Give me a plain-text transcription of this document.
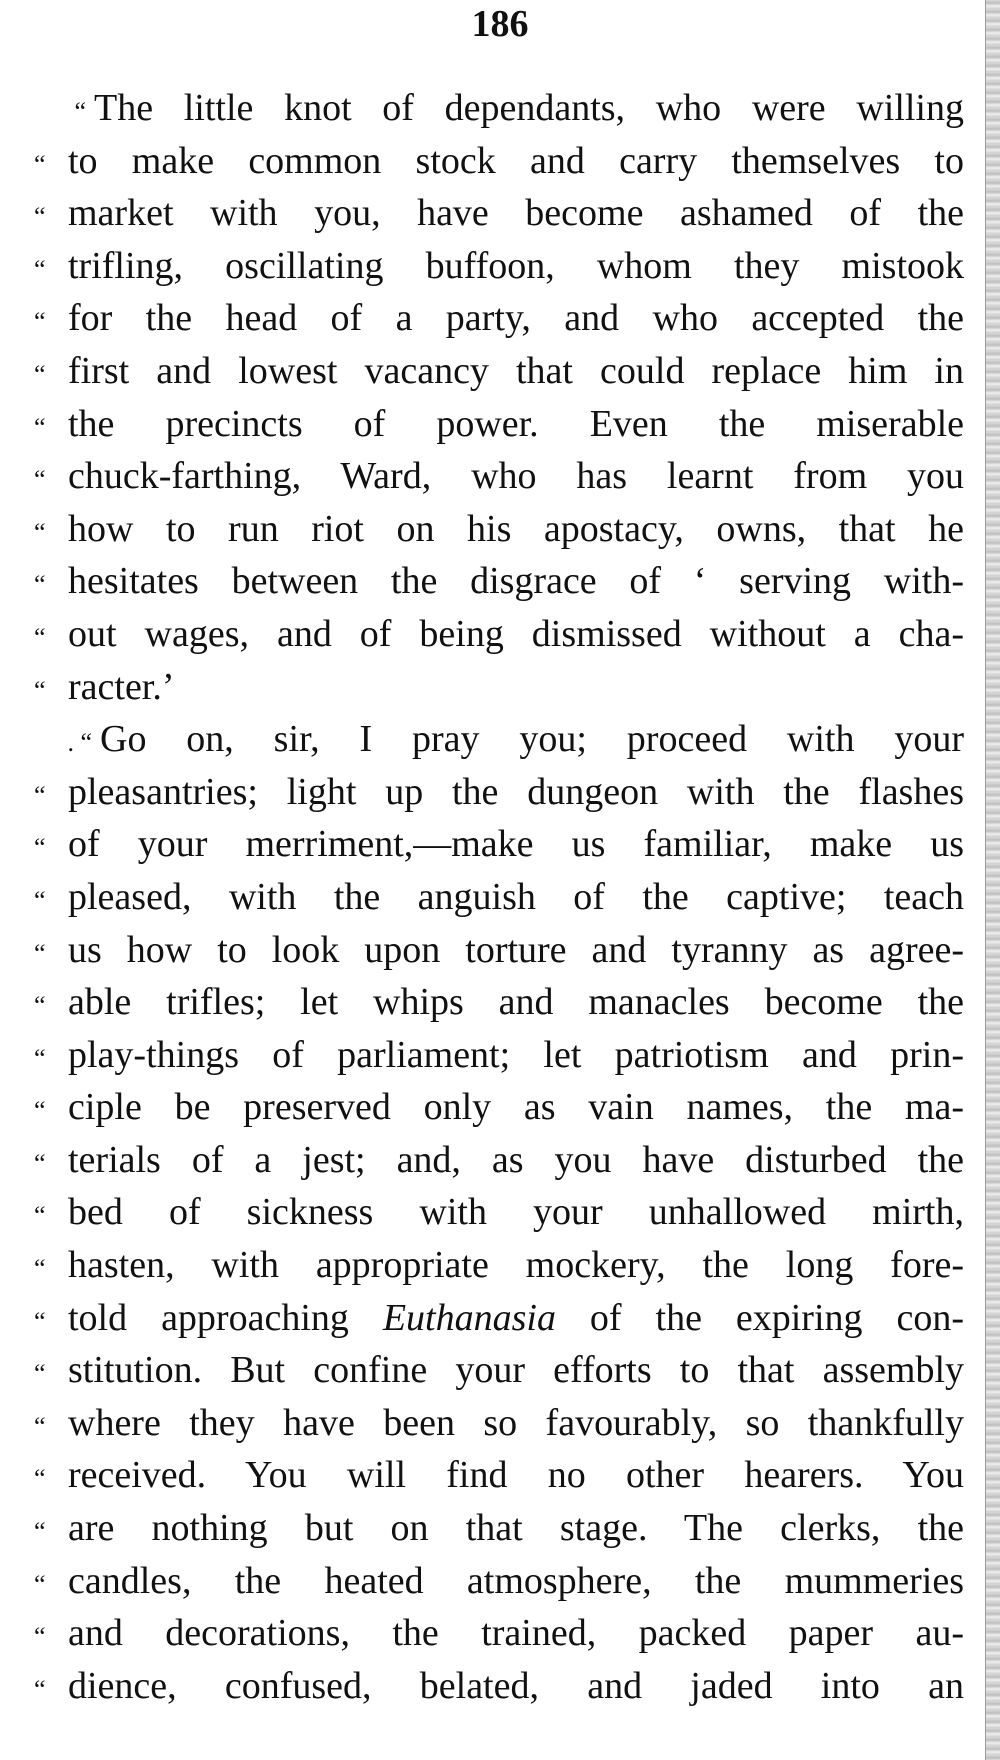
186
“ The little knot of dependants, who were willing
“ to make common stock and carry themselves to
“ market with you, have become ashamed of the
“ trifling, oscillating buffoon, whom they mistook
“ for the head of a party, and who accepted the
“ first and lowest vacancy that could replace him in
“ the precincts of power. Even the miserable
“ chuck-farthing, Ward, who has learnt from you
“ how to run riot on his apostacy, owns, that he
“ hesitates between the disgrace of ‘ serving with-
“ out wages, and of being dismissed without a cha-
“ racter.’
. “ Go on, sir, I pray you; proceed with your
“ pleasantries; light up the dungeon with the flashes
“ of your merriment,—make us familiar, make us
“ pleased, with the anguish of the captive; teach
“ us how to look upon torture and tyranny as agree-
“ able trifles; let whips and manacles become the
“ play-things of parliament; let patriotism and prin-
“ ciple be preserved only as vain names, the ma-
“ terials of a jest; and, as you have disturbed the
“ bed of sickness with your unhallowed mirth,
“ hasten, with appropriate mockery, the long fore-
“ told approaching Euthanasia of the expiring con-
“ stitution. But confine your efforts to that assembly
“ where they have been so favourably, so thankfully
“ received. You will find no other hearers. You
“ are nothing but on that stage. The clerks, the
“ candles, the heated atmosphere, the mummeries
“ and decorations, the trained, packed paper au-
“ dience, confused, belated, and jaded into an
